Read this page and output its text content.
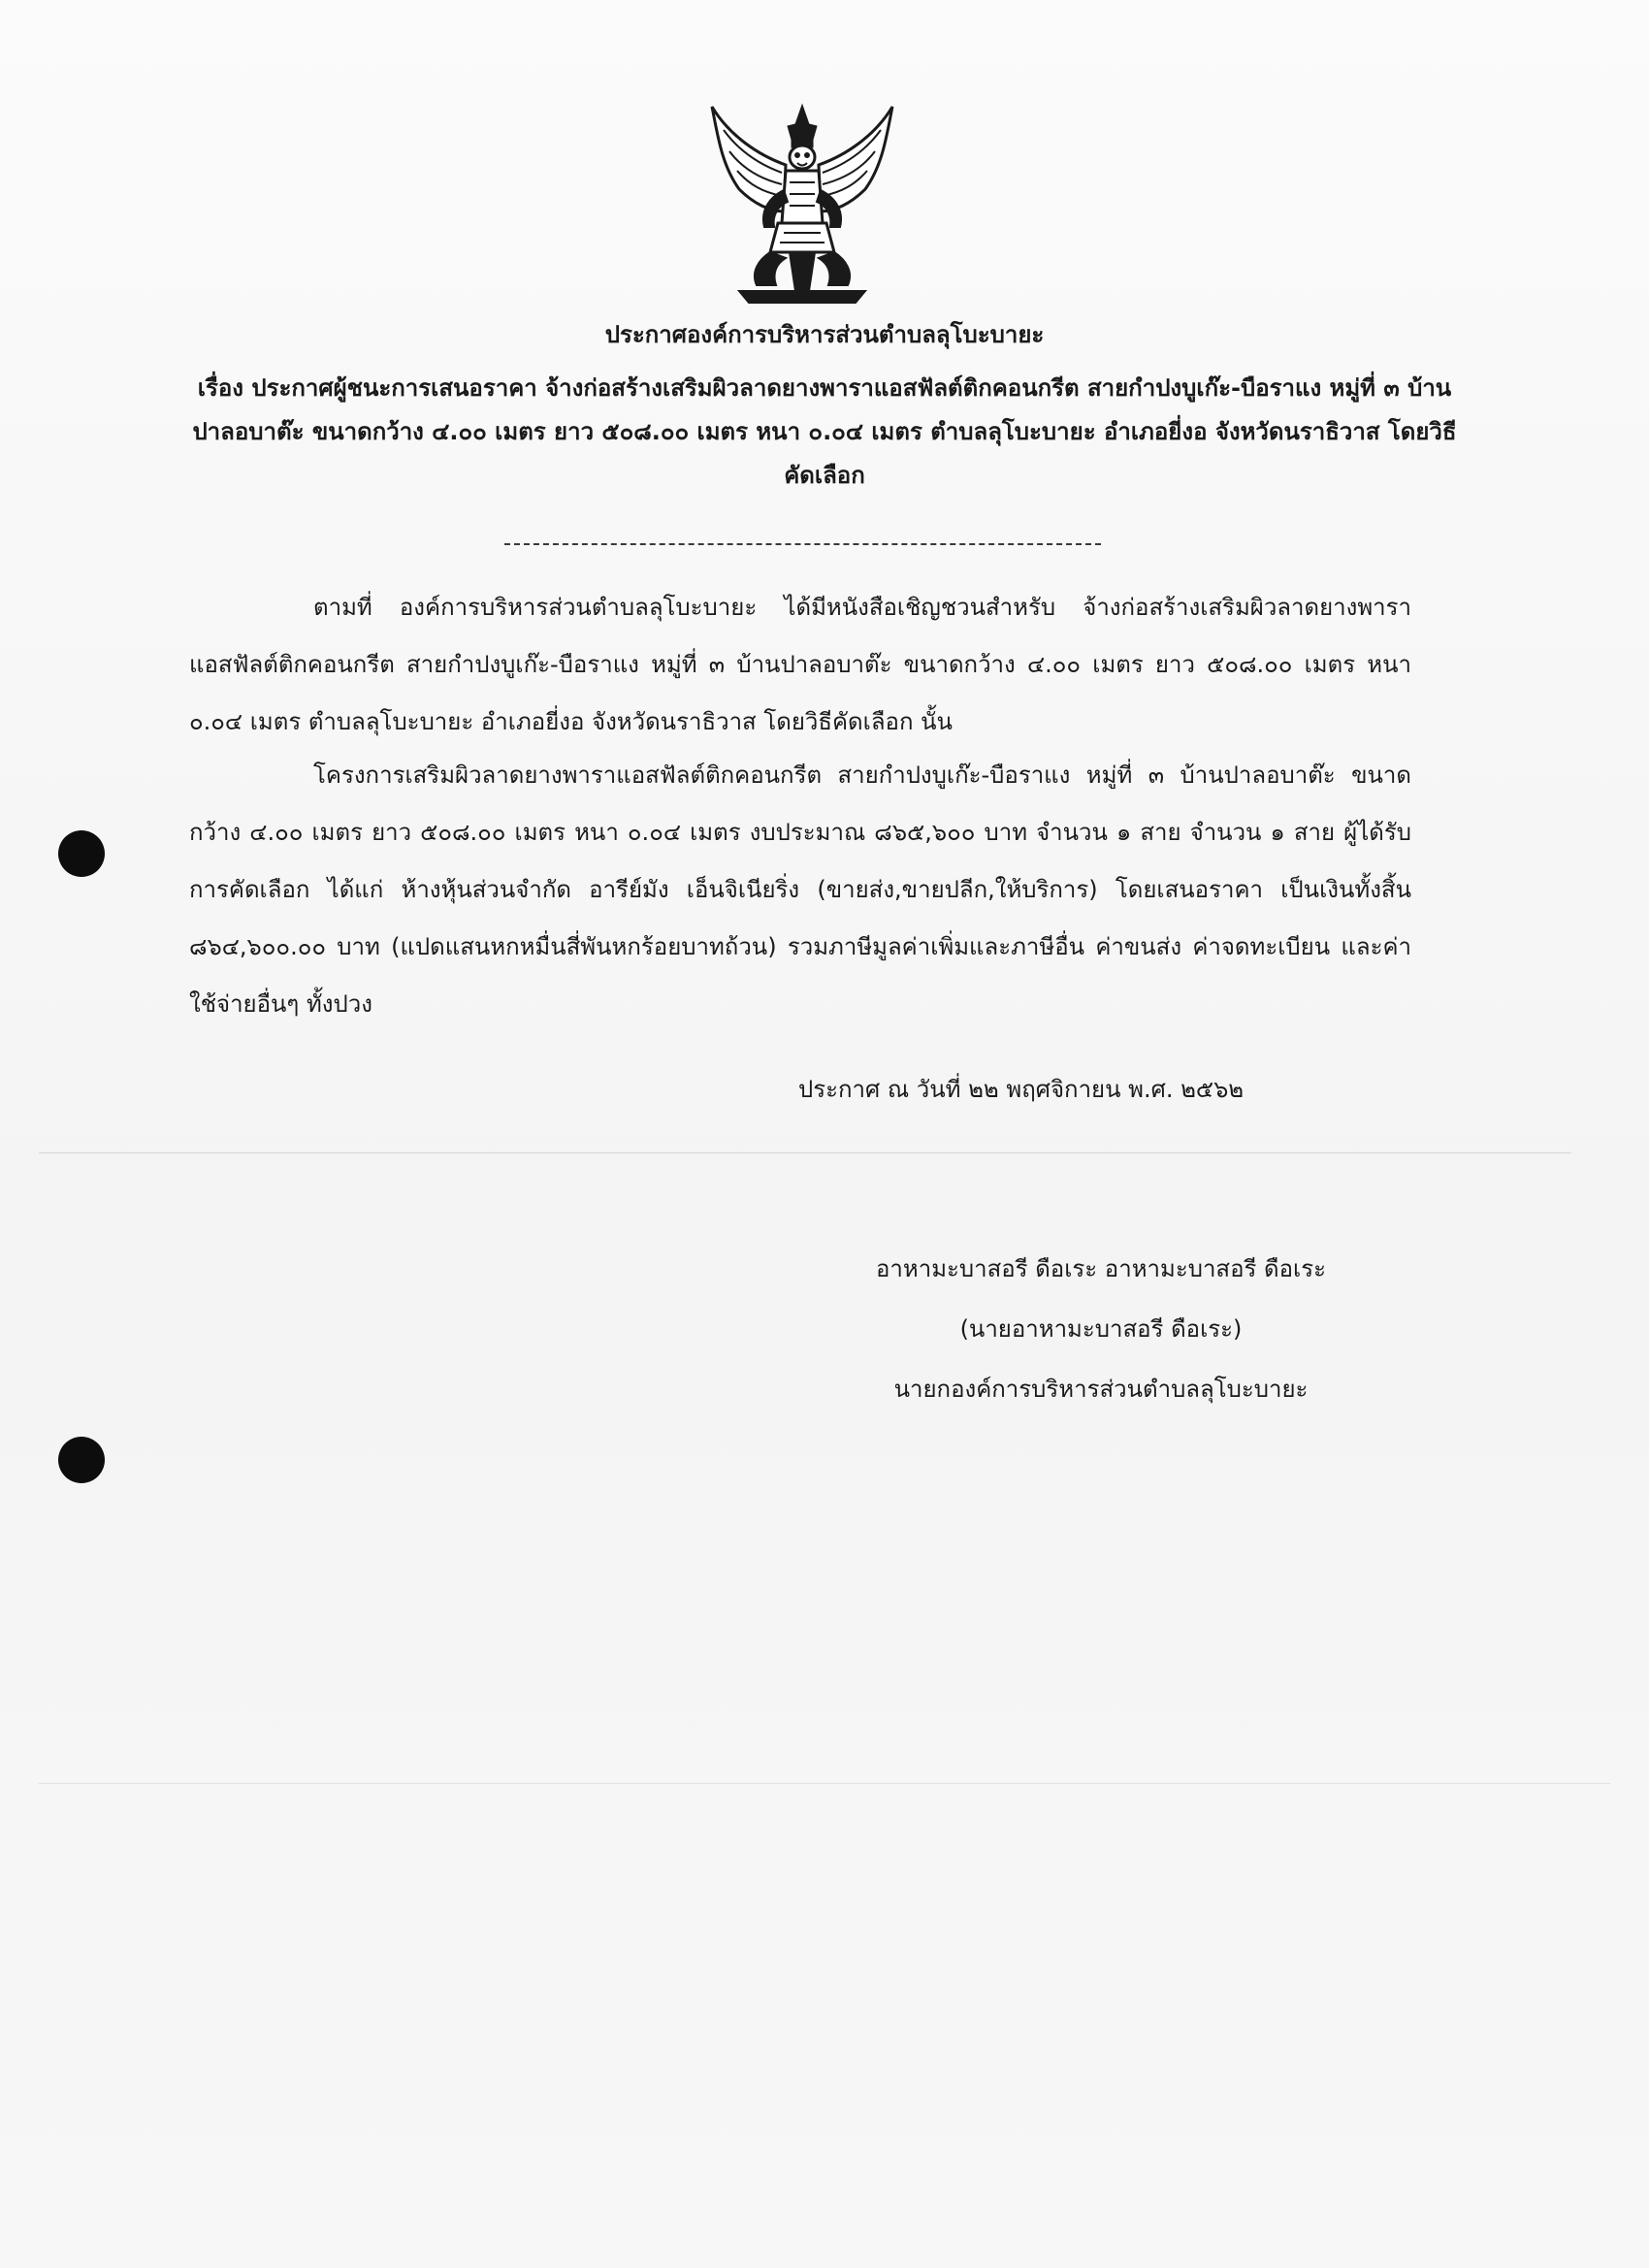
ประกาศองค์การบริหารส่วนตำบลลุโบะบายะ
เรื่อง ประกาศผู้ชนะการเสนอราคา จ้างก่อสร้างเสริมผิวลาดยางพาราแอสฟัลต์ติกคอนกรีต สายกำปงบูเก๊ะ-บือราแง หมู่ที่ ๓ บ้านปาลอบาต๊ะ ขนาดกว้าง ๔.๐๐ เมตร ยาว ๕๐๘.๐๐ เมตร หนา ๐.๐๔ เมตร ตำบลลุโบะบายะ อำเภอยี่งอ จังหวัดนราธิวาส โดยวิธีคัดเลือก
ตามที่ องค์การบริหารส่วนตำบลลุโบะบายะ ได้มีหนังสือเชิญชวนสำหรับ จ้างก่อสร้างเสริมผิวลาดยางพาราแอสฟัลต์ติกคอนกรีต สายกำปงบูเก๊ะ-บือราแง หมู่ที่ ๓ บ้านปาลอบาต๊ะ ขนาดกว้าง ๔.๐๐ เมตร ยาว ๕๐๘.๐๐ เมตร หนา ๐.๐๔ เมตร ตำบลลุโบะบายะ อำเภอยี่งอ จังหวัดนราธิวาส โดยวิธีคัดเลือก นั้น
โครงการเสริมผิวลาดยางพาราแอสฟัลต์ติกคอนกรีต สายกำปงบูเก๊ะ-บือราแง หมู่ที่ ๓ บ้านปาลอบาต๊ะ ขนาดกว้าง ๔.๐๐ เมตร ยาว ๕๐๘.๐๐ เมตร หนา ๐.๐๔ เมตร งบประมาณ ๘๖๕,๖๐๐ บาท จำนวน ๑ สาย จำนวน ๑ สาย ผู้ได้รับการคัดเลือก ได้แก่ ห้างหุ้นส่วนจำกัด อารีย์มัง เอ็นจิเนียริ่ง (ขายส่ง,ขายปลีก,ให้บริการ) โดยเสนอราคา เป็นเงินทั้งสิ้น ๘๖๔,๖๐๐.๐๐ บาท (แปดแสนหกหมื่นสี่พันหกร้อยบาทถ้วน) รวมภาษีมูลค่าเพิ่มและภาษีอื่น ค่าขนส่ง ค่าจดทะเบียน และค่าใช้จ่ายอื่นๆ ทั้งปวง
ประกาศ ณ วันที่ ๒๒ พฤศจิกายน พ.ศ. ๒๕๖๒
อาหามะบาสอรี ดือเระ อาหามะบาสอรี ดือเระ
(นายอาหามะบาสอรี ดือเระ)
นายกองค์การบริหารส่วนตำบลลุโบะบายะ
